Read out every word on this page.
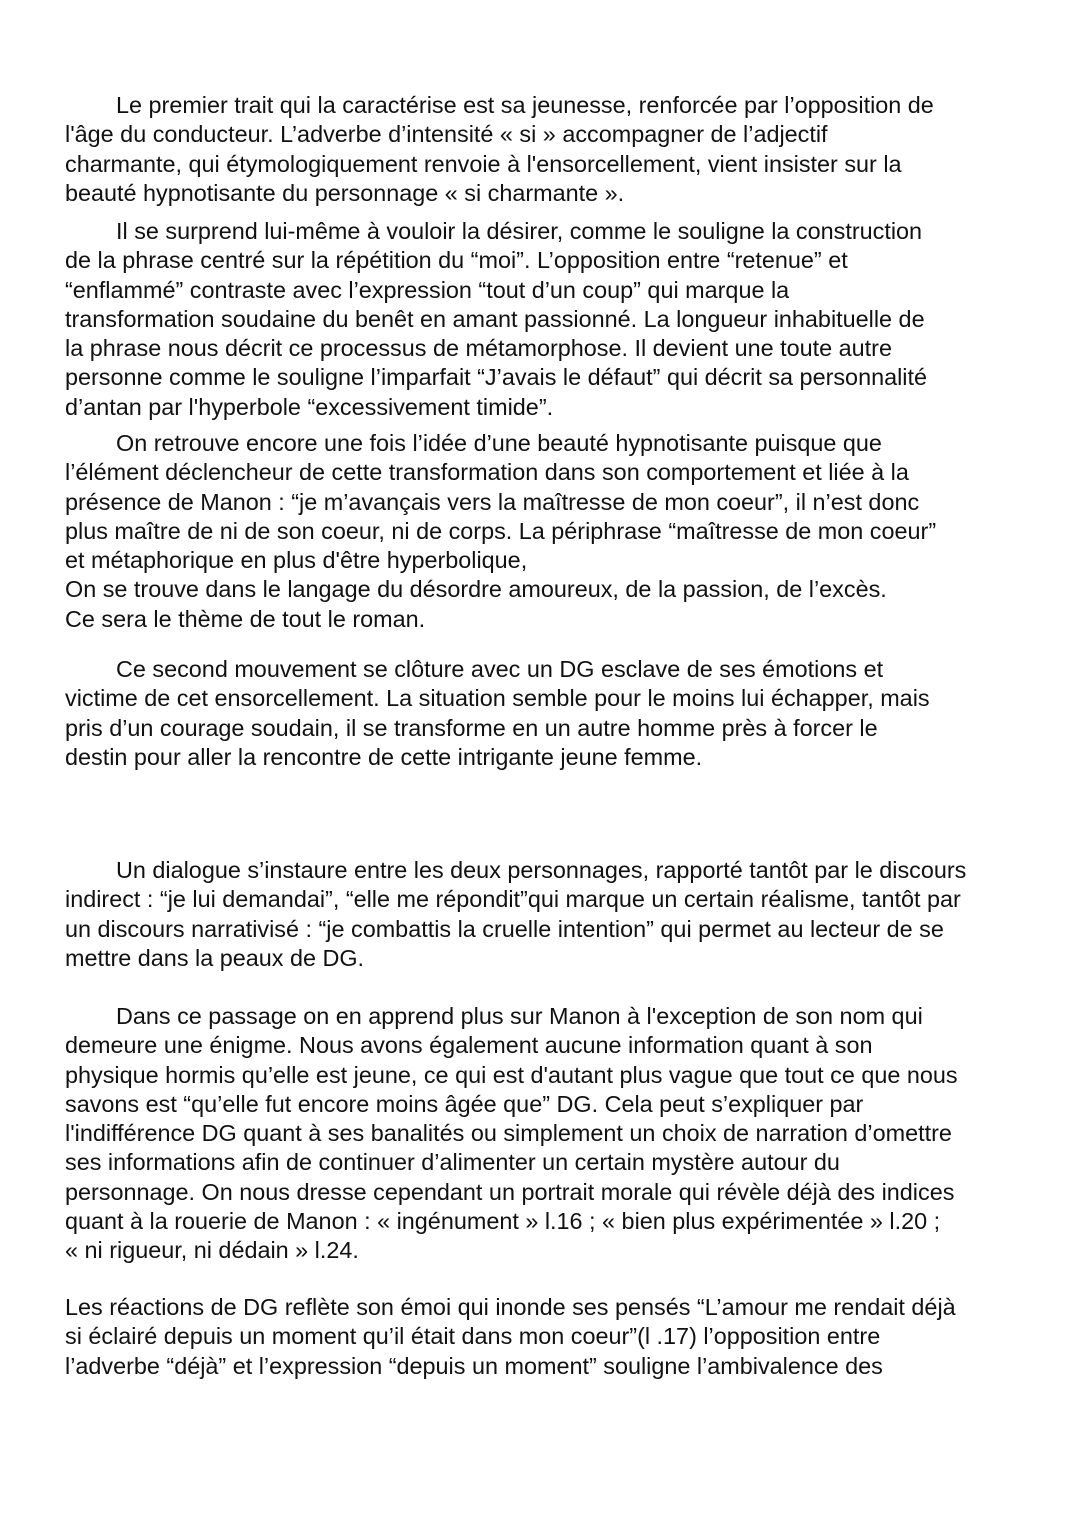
Le premier trait qui la caractérise est sa jeunesse, renforcée par l’opposition de
l'âge du conducteur. L’adverbe d’intensité « si » accompagner de l’adjectif
charmante, qui étymologiquement renvoie à l'ensorcellement, vient insister sur la
beauté hypnotisante du personnage « si charmante ».
Il se surprend lui-même à vouloir la désirer, comme le souligne la construction
de la phrase centré sur la répétition du “moi”. L’opposition entre “retenue” et
“enflammé” contraste avec l’expression “tout d’un coup” qui marque la
transformation soudaine du benêt en amant passionné. La longueur inhabituelle de
la phrase nous décrit ce processus de métamorphose. Il devient une toute autre
personne comme le souligne l’imparfait “J’avais le défaut” qui décrit sa personnalité
d’antan par l'hyperbole “excessivement timide”.
On retrouve encore une fois l’idée d’une beauté hypnotisante puisque que
l’élément déclencheur de cette transformation dans son comportement et liée à la
présence de Manon : “je m’avançais vers la maîtresse de mon coeur”, il n’est donc
plus maître de ni de son coeur, ni de corps. La périphrase “maîtresse de mon coeur”
et métaphorique en plus d'être hyperbolique,
On se trouve dans le langage du désordre amoureux, de la passion, de l’excès.
Ce sera le thème de tout le roman.
Ce second mouvement se clôture avec un DG esclave de ses émotions et
victime de cet ensorcellement. La situation semble pour le moins lui échapper, mais
pris d’un courage soudain, il se transforme en un autre homme près à forcer le
destin pour aller la rencontre de cette intrigante jeune femme.
Un dialogue s’instaure entre les deux personnages, rapporté tantôt par le discours
indirect : “je lui demandai”, “elle me répondit”qui marque un certain réalisme, tantôt par
un discours narrativisé : “je combattis la cruelle intention” qui permet au lecteur de se
mettre dans la peaux de DG.
Dans ce passage on en apprend plus sur Manon à l'exception de son nom qui
demeure une énigme. Nous avons également aucune information quant à son
physique hormis qu’elle est jeune, ce qui est d'autant plus vague que tout ce que nous
savons est “qu’elle fut encore moins âgée que” DG. Cela peut s’expliquer par
l'indifférence DG quant à ses banalités ou simplement un choix de narration d’omettre
ses informations afin de continuer d’alimenter un certain mystère autour du
personnage. On nous dresse cependant un portrait morale qui révèle déjà des indices
quant à la rouerie de Manon : « ingénument » l.16 ; « bien plus expérimentée » l.20 ;
« ni rigueur, ni dédain » l.24.
Les réactions de DG reflète son émoi qui inonde ses pensés “L’amour me rendait déjà
si éclairé depuis un moment qu’il était dans mon coeur”(l .17) l’opposition entre
l’adverbe “déjà” et l’expression “depuis un moment” souligne l’ambivalence des
